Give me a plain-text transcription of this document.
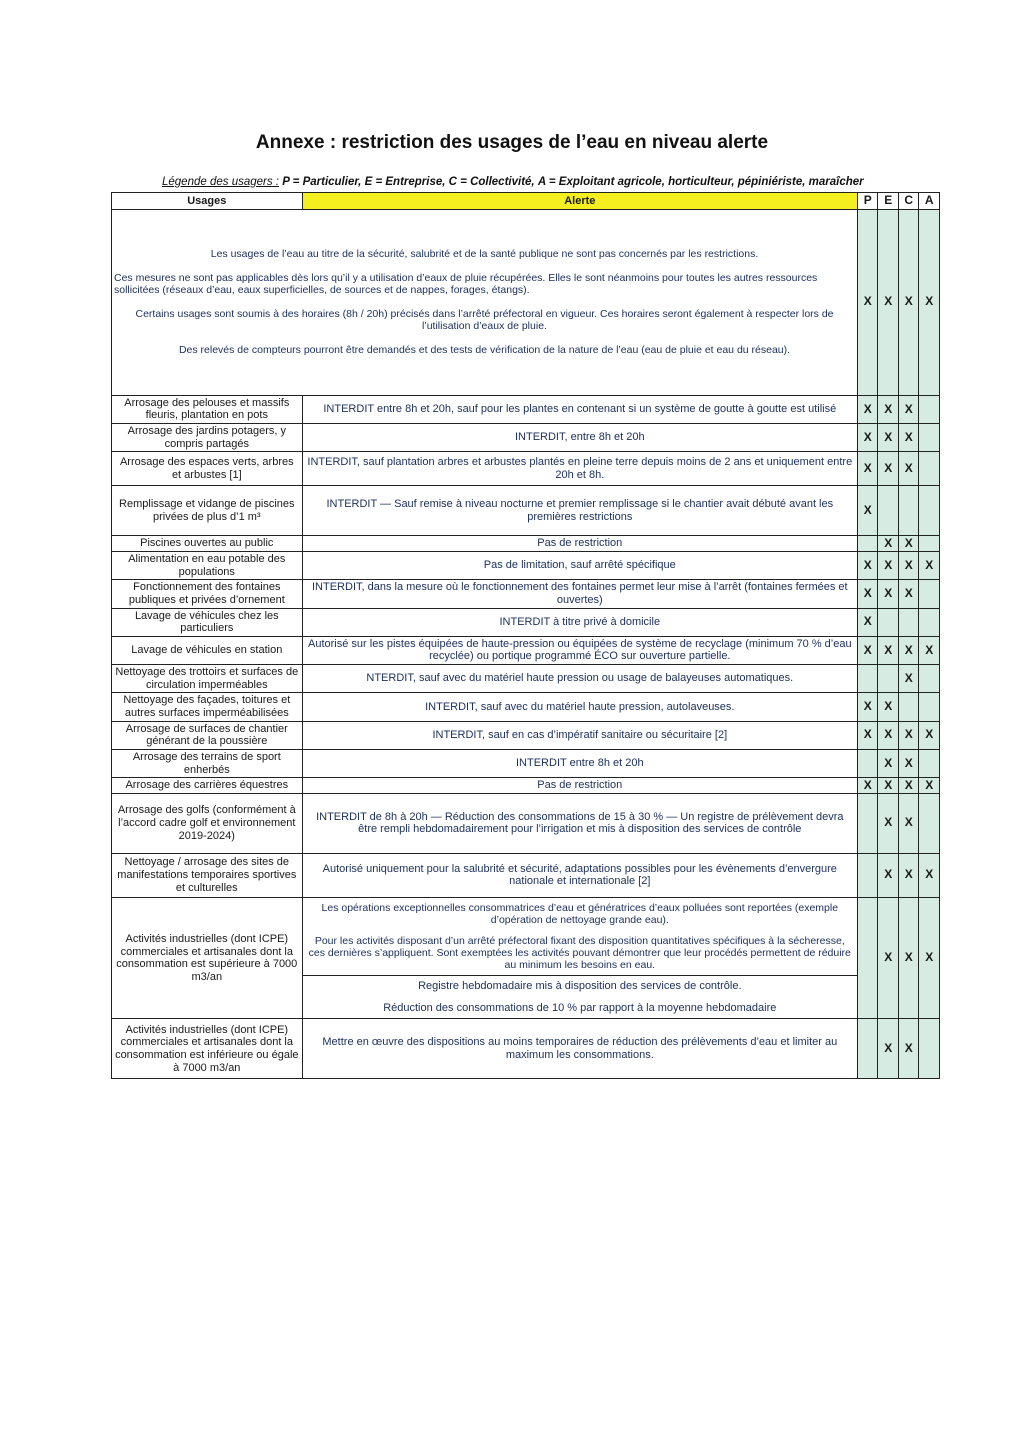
Annexe : restriction des usages de l’eau en niveau alerte
Légende des usagers : P = Particulier, E = Entreprise, C = Collectivité, A = Exploitant agricole, horticulteur, pépiniériste, maraîcher
Usages	Alerte	P	E	C	A

Les usages de l’eau au titre de la sécurité, salubrité et de la santé publique ne sont pas concernés par les restrictions.

Ces mesures ne sont pas applicables dès lors qu’il y a utilisation d’eaux de pluie récupérées. Elles le sont néanmoins pour toutes les autres ressources sollicitées (réseaux d’eau, eaux superficielles, de sources et de nappes, forages, étangs).

Certains usages sont soumis à des horaires (8h / 20h) précisés dans l’arrêté préfectoral en vigueur. Ces horaires seront également à respecter lors de l’utilisation d’eaux de pluie.

Des relevés de compteurs pourront être demandés et des tests de vérification de la nature de l’eau (eau de pluie et eau du réseau).		X	X	X	X
Arrosage des pelouses et massifs fleuris, plantation en pots	INTERDIT entre 8h et 20h, sauf pour les plantes en contenant si un système de goutte à goutte est utilisé	X	X	X	
Arrosage des jardins potagers, y compris partagés	INTERDIT, entre 8h et 20h	X	X	X	
Arrosage des espaces verts, arbres et arbustes [1]	INTERDIT, sauf plantation arbres et arbustes plantés en pleine terre depuis moins de 2 ans et uniquement entre 20h et 8h.	X	X	X	
Remplissage et vidange de piscines privées de plus d’1 m³	INTERDIT — Sauf remise à niveau nocturne et premier remplissage si le chantier avait débuté avant les premières restrictions	X			
Piscines ouvertes au public	Pas de restriction		X	X	
Alimentation en eau potable des populations	Pas de limitation, sauf arrêté spécifique	X	X	X	X
Fonctionnement des fontaines publiques et privées d’ornement	INTERDIT, dans la mesure où le fonctionnement des fontaines permet leur mise à l’arrêt (fontaines fermées et ouvertes)	X	X	X	
Lavage de véhicules chez les particuliers	INTERDIT à titre privé à domicile	X			
Lavage de véhicules en station	Autorisé sur les pistes équipées de haute-pression ou équipées de système de recyclage (minimum 70 % d’eau recyclée) ou portique programmé ÉCO sur ouverture partielle.	X	X	X	X
Nettoyage des trottoirs et surfaces de circulation imperméables	NTERDIT, sauf avec du matériel haute pression ou usage de balayeuses automatiques.			X	
Nettoyage des façades, toitures et autres surfaces imperméabilisées	INTERDIT, sauf avec du matériel haute pression, autolaveuses.	X	X		
Arrosage de surfaces de chantier générant de la poussière	INTERDIT, sauf en cas d’impératif sanitaire ou sécuritaire [2]	X	X	X	X
Arrosage des terrains de sport enherbés	INTERDIT entre 8h et 20h		X	X	
Arrosage des carrières équestres	Pas de restriction	X	X	X	X
Arrosage des golfs (conformément à l’accord cadre golf et environnement 2019-2024)	INTERDIT de 8h à 20h — Réduction des consommations de 15 à 30 % — Un registre de prélèvement devra être rempli hebdomadairement pour l’irrigation et mis à disposition des services de contrôle		X	X	
Nettoyage / arrosage des sites de manifestations temporaires sportives et culturelles	Autorisé uniquement pour la salubrité et sécurité, adaptations possibles pour les évènements d’envergure nationale et internationale [2]		X	X	X
Activités industrielles (dont ICPE) commerciales et artisanales dont la consommation est supérieure à 7000 m3/an	Les opérations exceptionnelles consommatrices d’eau et génératrices d’eaux polluées sont reportées (exemple d’opération de nettoyage grande eau).

Pour les activités disposant d’un arrêté préfectoral fixant des disposition quantitatives spécifiques à la sécheresse, ces dernières s’appliquent. Sont exemptées les activités pouvant démontrer que leur procédés permettent de réduire au minimum les besoins en eau.

Registre hebdomadaire mis à disposition des services de contrôle.

Réduction des consommations de 10 % par rapport à la moyenne hebdomadaire		X	X	X
Activités industrielles (dont ICPE) commerciales et artisanales dont la consommation est inférieure ou égale à 7000 m3/an	Mettre en œuvre des dispositions au moins temporaires de réduction des prélèvements d’eau et limiter au maximum les consommations.		X	X	
